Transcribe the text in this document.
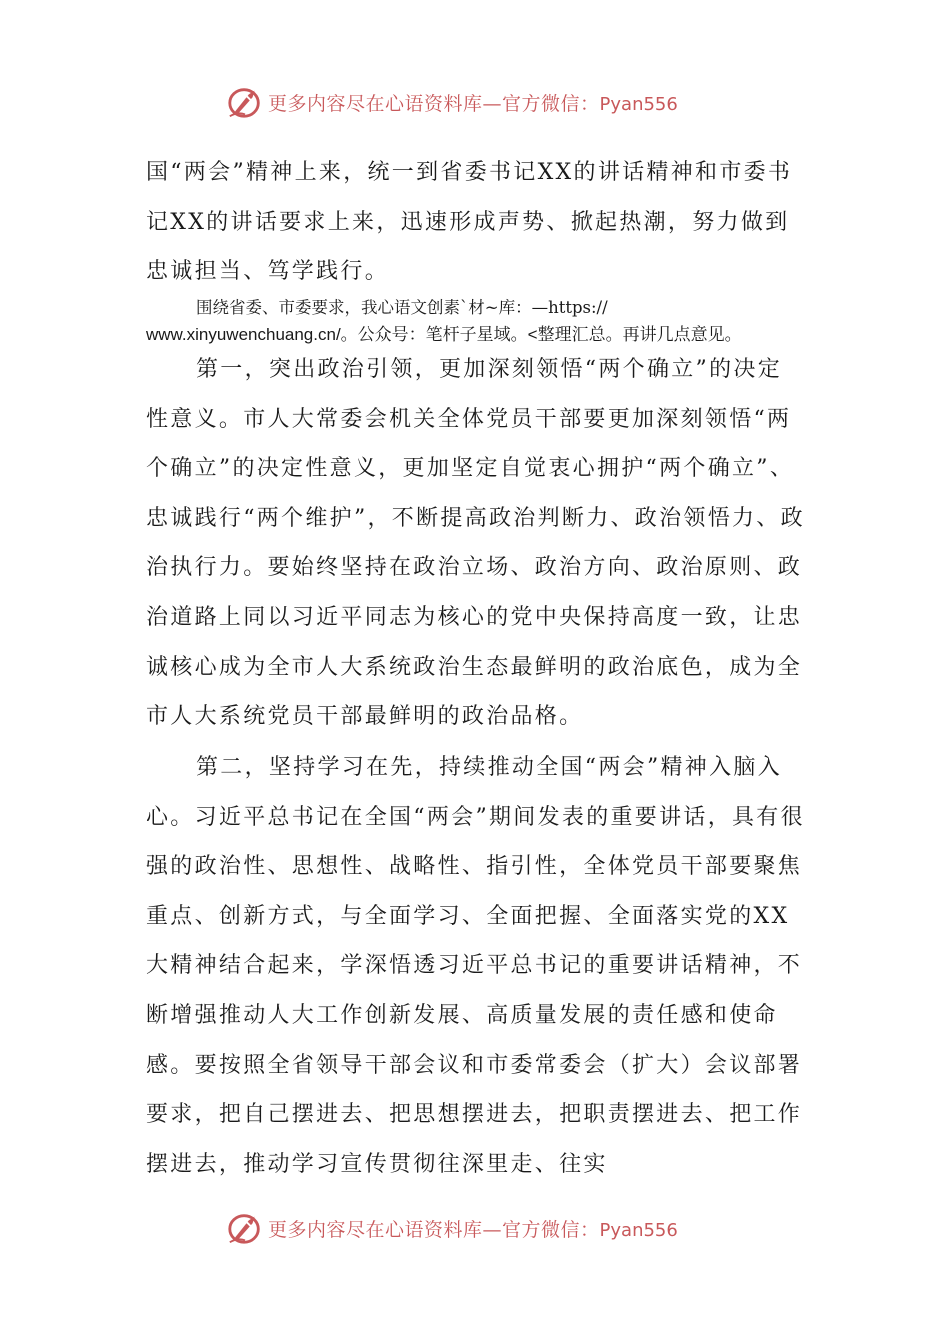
更多内容尽在心语资料库—官方微信：Pyan556
国“两会”精神上来，统一到省委书记XX的讲话精神和市委书记XX的讲话要求上来，迅速形成声势、掀起热潮，努力做到忠诚担当、笃学践行。
围绕省委、市委要求，我心语文创素`材~库：—https://
www.xinyuwenchuang.cn/。公众号：笔杆子星域。<整理汇总。再讲几点意见。
第一，突出政治引领，更加深刻领悟“两个确立”的决定性意义。市人大常委会机关全体党员干部要更加深刻领悟“两个确立”的决定性意义，更加坚定自觉衷心拥护“两个确立”、忠诚践行“两个维护”，不断提高政治判断力、政治领悟力、政治执行力。要始终坚持在政治立场、政治方向、政治原则、政治道路上同以习近平同志为核心的党中央保持高度一致，让忠诚核心成为全市人大系统政治生态最鲜明的政治底色，成为全市人大系统党员干部最鲜明的政治品格。
第二，坚持学习在先，持续推动全国“两会”精神入脑入心。习近平总书记在全国“两会”期间发表的重要讲话，具有很强的政治性、思想性、战略性、指引性，全体党员干部要聚焦重点、创新方式，与全面学习、全面把握、全面落实党的XX大精神结合起来，学深悟透习近平总书记的重要讲话精神，不断增强推动人大工作创新发展、高质量发展的责任感和使命感。要按照全省领导干部会议和市委常委会（扩大）会议部署要求，把自己摆进去、把思想摆进去，把职责摆进去、把工作摆进去，推动学习宣传贯彻往深里走、往实
更多内容尽在心语资料库—官方微信：Pyan556
